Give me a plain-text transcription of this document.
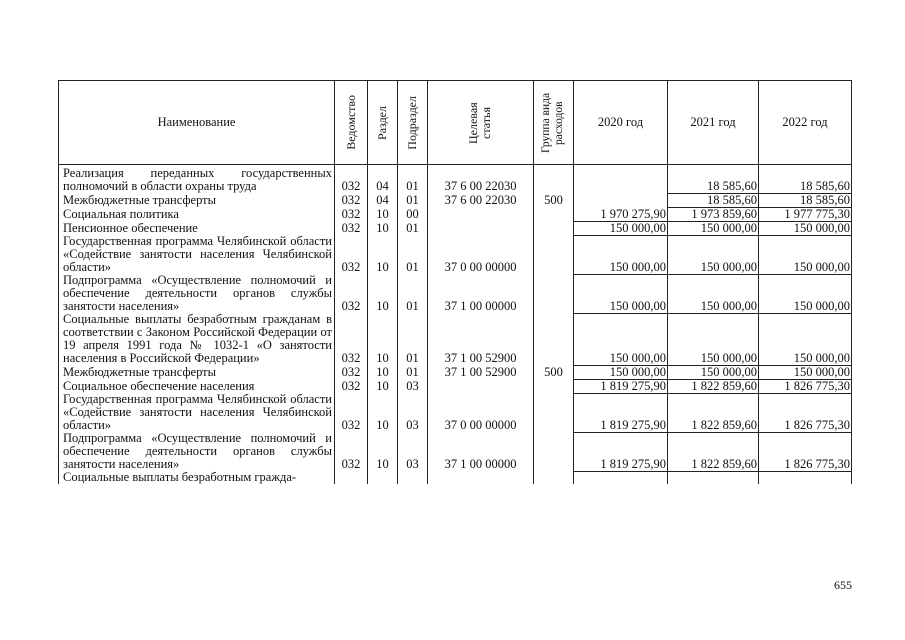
Наименование	Ведомство	Раздел	Подраздел	Целевая статья	Группа вида расходов	2020 год	2021 год	2022 год
Реализация переданных государственных полномочий в области охраны труда	032	04	01	37 6 00 22030			18 585,60	18 585,60
Межбюджетные трансферты	032	04	01	37 6 00 22030	500		18 585,60	18 585,60
Социальная политика	032	10	00			1 970 275,90	1 973 859,60	1 977 775,30
Пенсионное обеспечение	032	10	01			150 000,00	150 000,00	150 000,00
Государственная программа Челябинской области «Содействие занятости населения Челябинской области»	032	10	01	37 0 00 00000		150 000,00	150 000,00	150 000,00
Подпрограмма «Осуществление полномочий и обеспечение деятельности органов службы занятости населения»	032	10	01	37 1 00 00000		150 000,00	150 000,00	150 000,00
Социальные выплаты безработным гражданам в соответствии с Законом Российской Федерации от 19 апреля 1991 года № 1032-1 «О занятости населения в Российской Федерации»	032	10	01	37 1 00 52900		150 000,00	150 000,00	150 000,00
Межбюджетные трансферты	032	10	01	37 1 00 52900	500	150 000,00	150 000,00	150 000,00
Социальное обеспечение населения	032	10	03			1 819 275,90	1 822 859,60	1 826 775,30
Государственная программа Челябинской области «Содействие занятости населения Челябинской области»	032	10	03	37 0 00 00000		1 819 275,90	1 822 859,60	1 826 775,30
Подпрограмма «Осуществление полномочий и обеспечение деятельности органов службы занятости населения»	032	10	03	37 1 00 00000		1 819 275,90	1 822 859,60	1 826 775,30
Социальные выплаты безработным гражда-								
655
